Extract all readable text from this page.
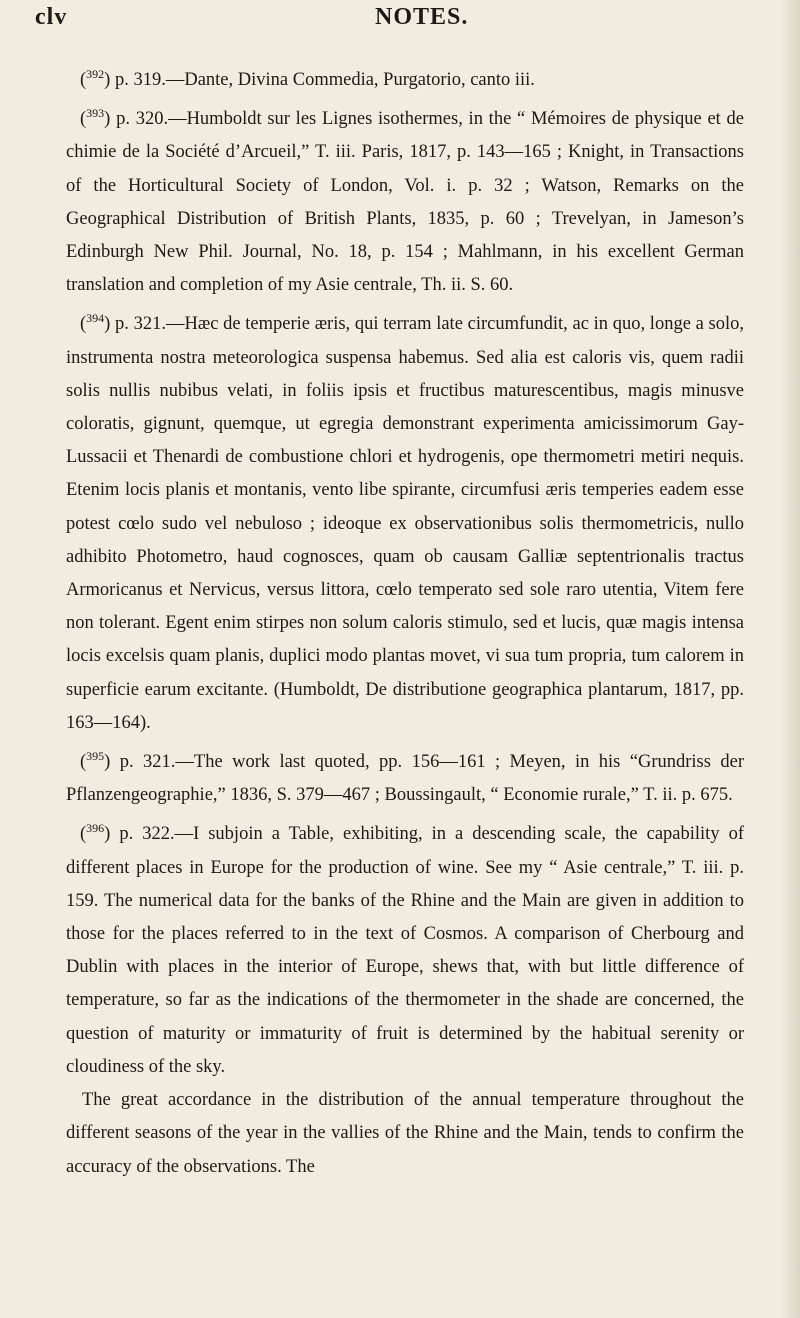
clv	NOTES.

($^{392}$) p. 319.—Dante, Divina Commedia, Purgatorio, canto iii.

($^{393}$) p. 320.—Humboldt sur les Lignes isothermes, in the “ Mémoires de physique et de chimie de la Société d’Arcueil,” T. iii. Paris, 1817, p. 143—165 ; Knight, in Transactions of the Horticultural Society of London, Vol. i. p. 32 ; Watson, Remarks on the Geographical Distribution of British Plants, 1835, p. 60 ; Trevelyan, in Jameson’s Edinburgh New Phil. Journal, No. 18, p. 154 ; Mahlmann, in his excellent German translation and completion of my Asie centrale, Th. ii. S. 60.

($^{394}$) p. 321.—Hæc de temperie æris, qui terram late circumfundit, ac in quo, longe a solo, instrumenta nostra meteorologica suspensa habemus. Sed alia est caloris vis, quem radii solis nullis nubibus velati, in foliis ipsis et fructibus maturescentibus, magis minusve coloratis, gignunt, quemque, ut egregia demonstrant experimenta amicissimorum Gay-Lussacii et Thenardi de combustione chlori et hydrogenis, ope thermometri metiri nequis. Etenim locis planis et montanis, vento libe spirante, circumfusi æris temperies eadem esse potest cœlo sudo vel nebuloso ; ideoque ex observationibus solis thermometricis, nullo adhibito Photometro, haud cognosces, quam ob causam Galliæ septentrionalis tractus Armoricanus et Nervicus, versus littora, cœlo temperato sed sole raro utentia, Vitem fere non tolerant. Egent enim stirpes non solum caloris stimulo, sed et lucis, quæ magis intensa locis excelsis quam planis, duplici modo plantas movet, vi sua tum propria, tum calorem in superficie earum excitante. (Humboldt, De distributione geographica plantarum, 1817, pp. 163—164).

($^{395}$) p. 321.—The work last quoted, pp. 156—161 ; Meyen, in his “Grundriss der Pflanzengeographie,” 1836, S. 379—467 ; Boussingault, “ Economie rurale,” T. ii. p. 675.

($^{396}$) p. 322.—I subjoin a Table, exhibiting, in a descending scale, the capability of different places in Europe for the production of wine. See my “ Asie centrale,” T. iii. p. 159. The numerical data for the banks of the Rhine and the Main are given in addition to those for the places referred to in the text of Cosmos. A comparison of Cherbourg and Dublin with places in the interior of Europe, shews that, with but little difference of temperature, so far as the indications of the thermometer in the shade are concerned, the question of maturity or immaturity of fruit is determined by the habitual serenity or cloudiness of the sky.

The great accordance in the distribution of the annual temperature throughout the different seasons of the year in the vallies of the Rhine and the Main, tends to confirm the accuracy of the observations. The
